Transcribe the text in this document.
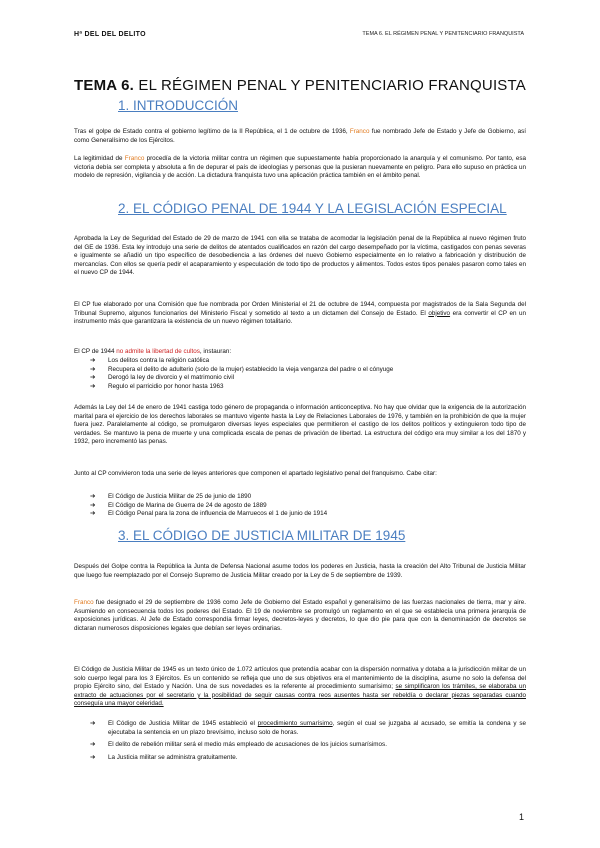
Hª DEL DEL DELITO	TEMA 6. EL RÉGIMEN PENAL Y PENITENCIARIO FRANQUISTA
TEMA 6. EL RÉGIMEN PENAL Y PENITENCIARIO FRANQUISTA
1. INTRODUCCIÓN
Tras el golpe de Estado contra el gobierno legítimo de la II República, el 1 de octubre de 1936, Franco fue nombrado Jefe de Estado y Jefe de Gobierno, así como Generalísimo de los Ejércitos.
La legitimidad de Franco procedía de la victoria militar contra un régimen que supuestamente había proporcionado la anarquía y el comunismo. Por tanto, esa victoria debía ser completa y absoluta a fin de depurar el país de ideologías y personas que la pusieran nuevamente en peligro. Para ello supuso en práctica un modelo de represión, vigilancia y de acción. La dictadura franquista tuvo una aplicación práctica también en el ámbito penal.
2. EL CÓDIGO PENAL DE 1944 Y LA LEGISLACIÓN ESPECIAL
Aprobada la Ley de Seguridad del Estado de 29 de marzo de 1941 con ella se trataba de acomodar la legislación penal de la República al nuevo régimen fruto del GE de 1936. Esta ley introdujo una serie de delitos de atentados cualificados en razón del cargo desempeñado por la víctima, castigados con penas severas e igualmente se añadió un tipo específico de desobediencia a las órdenes del nuevo Gobierno especialmente en lo relativo a fabricación y distribución de mercancías. Con ellos se quería pedir el acaparamiento y especulación de todo tipo de productos y alimentos. Todos estos tipos penales pasaron como tales en el nuevo CP de 1944.
El CP fue elaborado por una Comisión que fue nombrada por Orden Ministerial el 21 de octubre de 1944, compuesta por magistrados de la Sala Segunda del Tribunal Supremo, algunos funcionarios del Ministerio Fiscal y sometido al texto a un dictamen del Consejo de Estado. El objetivo era convertir el CP en un instrumento más que garantizara la existencia de un nuevo régimen totalitario.
El CP de 1944 no admite la libertad de cultos, instauran:
➔ Los delitos contra la religión católica
➔ Recupera el delito de adulterio (solo de la mujer) establecido la vieja venganza del padre o el cónyuge
➔ Derogó la ley de divorcio y el matrimonio civil
➔ Regulo el parricidio por honor hasta 1963
Además la Ley del 14 de enero de 1941 castiga todo género de propaganda o información anticonceptiva. No hay que olvidar que la exigencia de la autorización marital para el ejercicio de los derechos laborales se mantuvo vigente hasta la Ley de Relaciones Laborales de 1976, y también en la prohibición de que la mujer fuera juez. Paralelamente al código, se promulgaron diversas leyes especiales que permitieron el castigo de los delitos políticos y extinguieron todo tipo de verdades. Se mantuvo la pena de muerte y una complicada escala de penas de privación de libertad. La estructura del código era muy similar a los del 1870 y 1932, pero incrementó las penas.
Junto al CP convivieron toda una serie de leyes anteriores que componen el apartado legislativo penal del franquismo. Cabe citar:
➔ El Código de Justicia Militar de 25 de junio de 1890
➔ El Código de Marina de Guerra de 24 de agosto de 1889
➔ El Código Penal para la zona de influencia de Marruecos el 1 de junio de 1914
3. EL CÓDIGO DE JUSTICIA MILITAR DE 1945
Después del Golpe contra la República la Junta de Defensa Nacional asume todos los poderes en Justicia, hasta la creación del Alto Tribunal de Justicia Militar que luego fue reemplazado por el Consejo Supremo de Justicia Militar creado por la Ley de 5 de septiembre de 1939.
Franco fue designado el 29 de septiembre de 1936 como Jefe de Gobierno del Estado español y generalísimo de las fuerzas nacionales de tierra, mar y aire. Asumiendo en consecuencia todos los poderes del Estado. El 19 de noviembre se promulgó un reglamento en el que se establecía una primera jerarquía de exposiciones jurídicas. Al Jefe de Estado correspondía firmar leyes, decretos-leyes y decretos, lo que dio pie para que con la denominación de decretos se dictaran numerosos disposiciones legales que debían ser leyes ordinarias.
El Código de Justicia Militar de 1945 es un texto único de 1.072 artículos que pretendía acabar con la dispersión normativa y dotaba a la jurisdicción militar de un solo cuerpo legal para los 3 Ejércitos. Es un contenido se refleja que uno de sus objetivos era el mantenimiento de la disciplina, asume no solo la defensa del propio Ejército sino, del Estado y Nación. Una de sus novedades es la referente al procedimiento sumarísimo; se simplificaron los trámites, se elaboraba un extracto de actuaciones por el secretario y la posibilidad de seguir causas contra reos ausentes hasta ser rebeldía o declarar piezas separadas cuando conseguía una mayor celeridad.
➔ El Código de Justicia Militar de 1945 estableció el procedimiento sumarísimo, según el cual se juzgaba al acusado, se emitía la condena y se ejecutaba la sentencia en un plazo brevísimo, incluso solo de horas.
➔ El delito de rebelión militar será el medio más empleado de acusaciones de los juicios sumarísimos.
➔ La Justicia militar se administra gratuitamente.
1
